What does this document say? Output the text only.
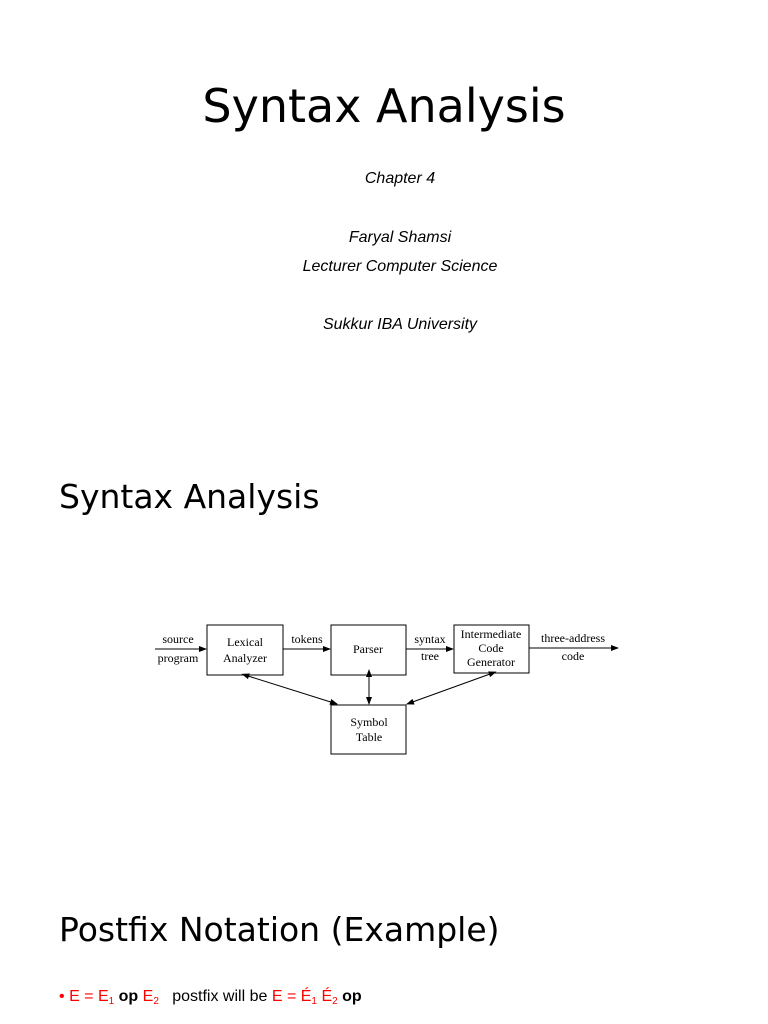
Syntax Analysis
Chapter 4
Faryal Shamsi
Lecturer Computer Science
Sukkur IBA University
Syntax Analysis
source
program
Lexical
Analyzer
tokens
Parser
syntax
tree
Intermediate
Code
Generator
three-address
code
Symbol
Table
Postfix Notation (Example)
• $E = E_1$ op $E_2$ postfix will be $E = É_1$ $É_2$ op
